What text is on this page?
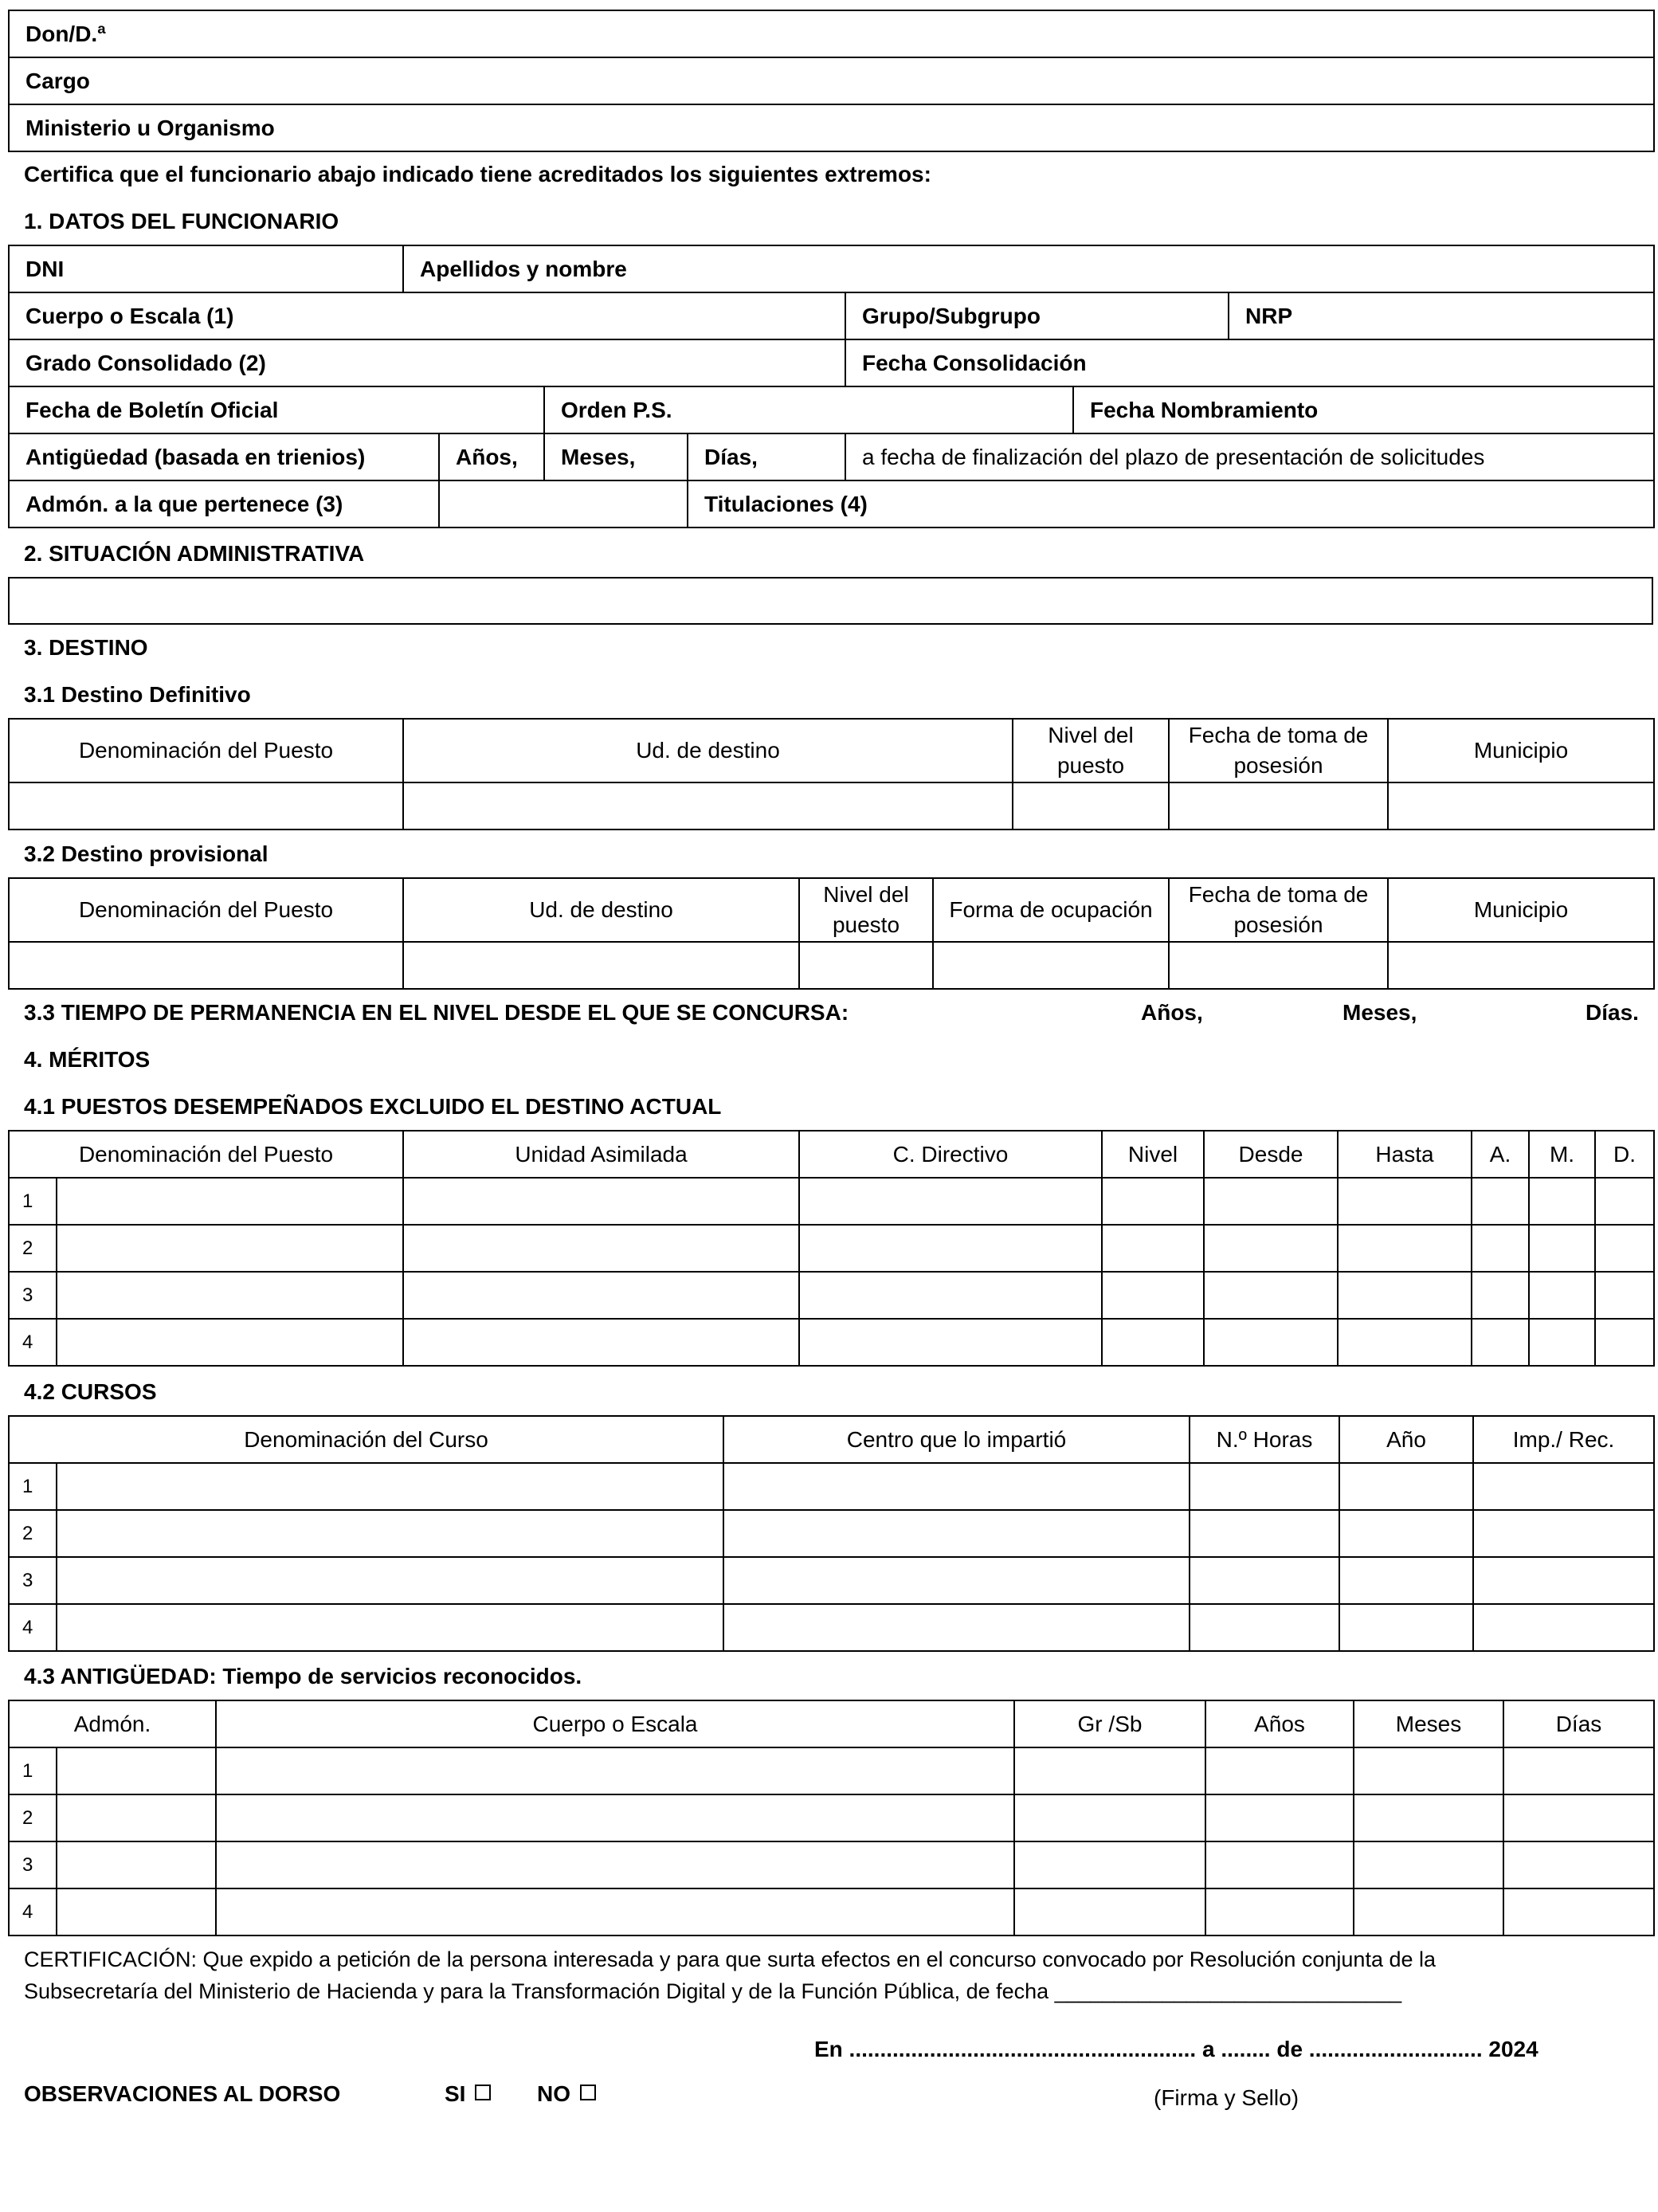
Don/D.ª
Cargo
Ministerio u Organismo
Certifica que el funcionario abajo indicado tiene acreditados los siguientes extremos:
1. DATOS DEL FUNCIONARIO
DNI	Apellidos y nombre						
Cuerpo o Escala (1)					Grupo/Subgrupo		NRP
Grado Consolidado (2)					Fecha Consolidación		
Fecha de Boletín Oficial			Orden P.S.			Fecha Nombramiento	
Antigüedad (basada en trienios)		Años,	Meses,	Días,	a fecha de finalización del plazo de presentación de solicitudes		
Admón. a la que pertenece (3)				Titulaciones (4)			
2. SITUACIÓN ADMINISTRATIVA
3. DESTINO
3.1 Destino Definitivo
Denominación del Puesto	Ud. de destino	Nivel del puesto	Fecha de toma de posesión	Municipio

3.2 Destino provisional
Denominación del Puesto	Ud. de destino	Nivel del puesto	Forma de ocupación	Fecha de toma de posesión	Municipio

3.3 TIEMPO DE PERMANENCIA EN EL NIVEL DESDE EL QUE SE CONCURSA:	Años,	Meses,	Días.
4. MÉRITOS
4.1 PUESTOS DESEMPEÑADOS EXCLUIDO EL DESTINO ACTUAL
Denominación del Puesto		Unidad Asimilada	C. Directivo	Nivel	Desde	Hasta	A.	M.	D.
1									
2									
3									
4									
4.2 CURSOS
Denominación del Curso		Centro que lo impartió	N.º Horas	Año	Imp./ Rec.
1					
2					
3					
4					
4.3 ANTIGÜEDAD: Tiempo de servicios reconocidos.
Admón.		Cuerpo o Escala	Gr /Sb	Años	Meses	Días
1						
2						
3						
4						
CERTIFICACIÓN: Que expido a petición de la persona interesada y para que surta efectos en el concurso convocado por Resolución conjunta de la
Subsecretaría del Ministerio de Hacienda y para la Transformación Digital y de la Función Pública, de fecha _____________________________
En ........................................................ a ........ de ............................ 2024
OBSERVACIONES AL DORSO	SI	NO	(Firma y Sello)
